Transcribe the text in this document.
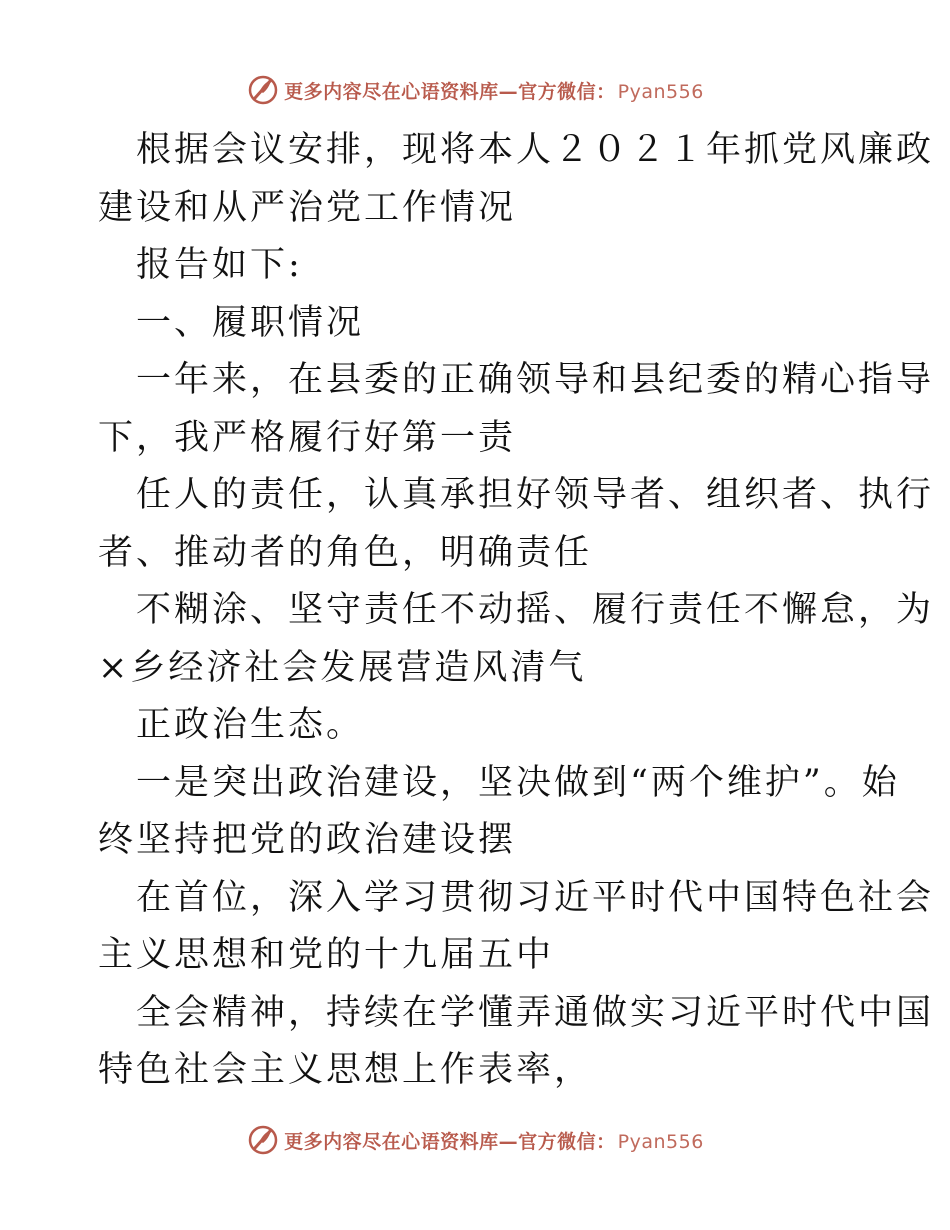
更多内容尽在心语资料库—官方微信： Pyan556

根据会议安排，现将本人２０２１年抓党风廉政

建设和从严治党工作情况

报告如下:

一、履职情况

一年来，在县委的正确领导和县纪委的精心指导

下，我严格履行好第一责

任人的责任，认真承担好领导者、组织者、执行

者、推动者的角色，明确责任

不糊涂、坚守责任不动摇、履行责任不懈怠，为

×乡经济社会发展营造风清气

正政治生态。

一是突出政治建设，坚决做到“两个维护”。始

终坚持把党的政治建设摆

在首位，深入学习贯彻习近平时代中国特色社会

主义思想和党的十九届五中

全会精神，持续在学懂弄通做实习近平时代中国

特色社会主义思想上作表率，

更多内容尽在心语资料库—官方微信： Pyan556
